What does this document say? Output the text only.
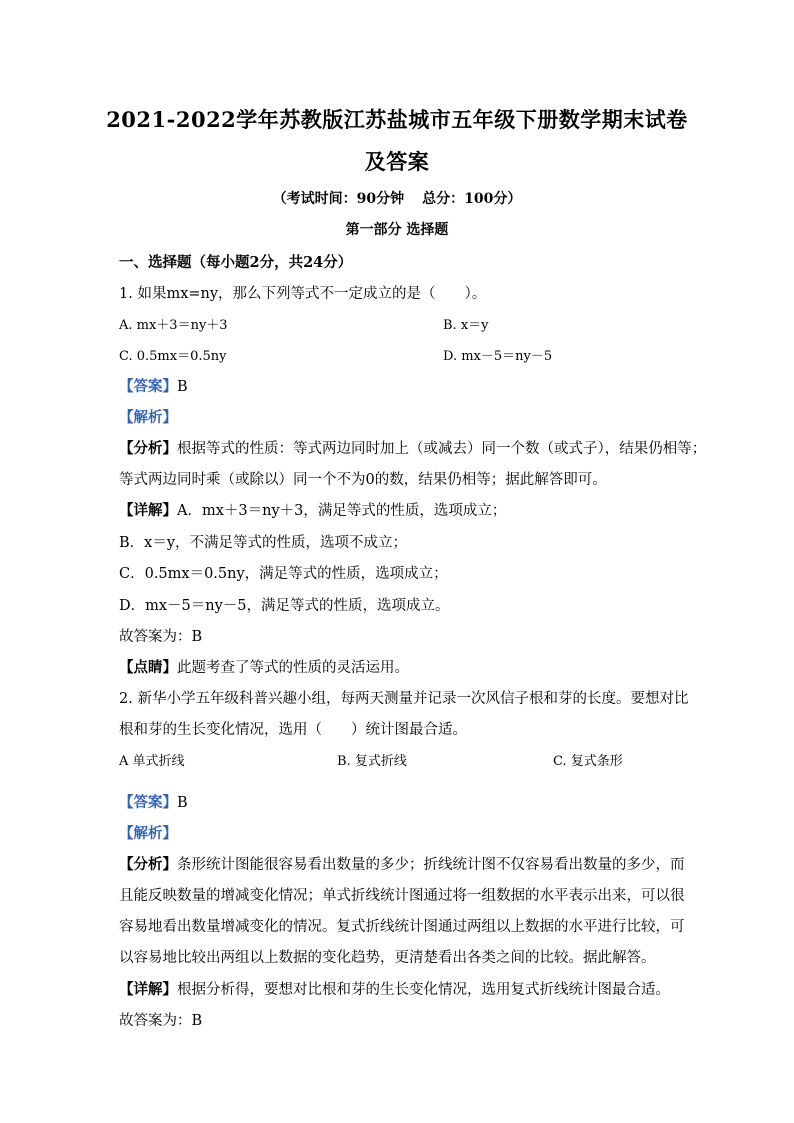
2021-2022学年苏教版江苏盐城市五年级下册数学期末试卷
及答案
（考试时间：90分钟 总分：100分）
第一部分 选择题
一、选择题（每小题2分，共24分）
1. 如果mx=ny，那么下列等式不一定成立的是（　　）。
A. mx＋3＝ny＋3	B. x＝y
C. 0.5mx＝0.5ny	D. mx－5＝ny－5
【答案】B
【解析】
【分析】根据等式的性质：等式两边同时加上（或减去）同一个数（或式子），结果仍相等；
等式两边同时乘（或除以）同一个不为0的数，结果仍相等；据此解答即可。
【详解】A．mx＋3＝ny＋3，满足等式的性质，选项成立；
B．x＝y，不满足等式的性质，选项不成立；
C．0.5mx＝0.5ny，满足等式的性质，选项成立；
D．mx－5＝ny－5，满足等式的性质，选项成立。
故答案为：B
【点睛】此题考查了等式的性质的灵活运用。
2. 新华小学五年级科普兴趣小组，每两天测量并记录一次风信子根和芽的长度。要想对比
根和芽的生长变化情况，选用（　　）统计图最合适。
A 单式折线	B. 复式折线	C. 复式条形
【答案】B
【解析】
【分析】条形统计图能很容易看出数量的多少；折线统计图不仅容易看出数量的多少，而
且能反映数量的增减变化情况；单式折线统计图通过将一组数据的水平表示出来，可以很
容易地看出数量增减变化的情况。复式折线统计图通过两组以上数据的水平进行比较，可
以容易地比较出两组以上数据的变化趋势，更清楚看出各类之间的比较。据此解答。
【详解】根据分析得，要想对比根和芽的生长变化情况，选用复式折线统计图最合适。
故答案为：B
